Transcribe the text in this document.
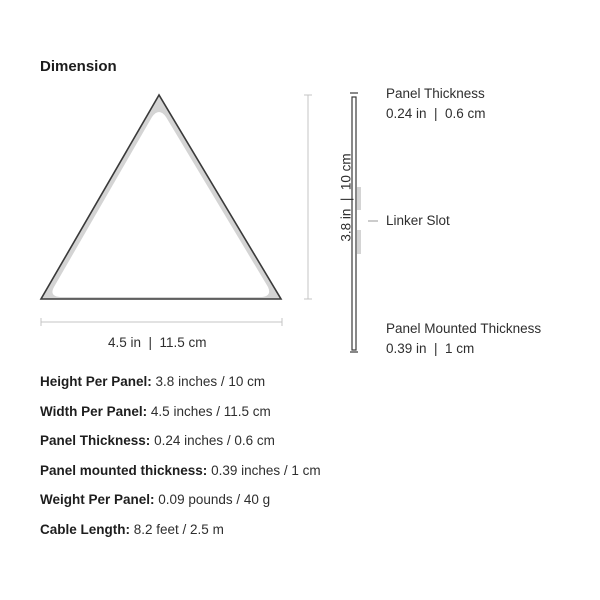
Dimension
4.5 in  |  11.5 cm
3.8 in  |  10 cm
Panel Thickness
0.24 in  |  0.6 cm
Linker Slot
Panel Mounted Thickness
0.39 in  |  1 cm
Height Per Panel: 3.8 inches / 10 cm
Width Per Panel: 4.5 inches / 11.5 cm
Panel Thickness: 0.24 inches / 0.6 cm
Panel mounted thickness: 0.39 inches / 1 cm
Weight Per Panel: 0.09 pounds / 40 g
Cable Length: 8.2 feet / 2.5 m
